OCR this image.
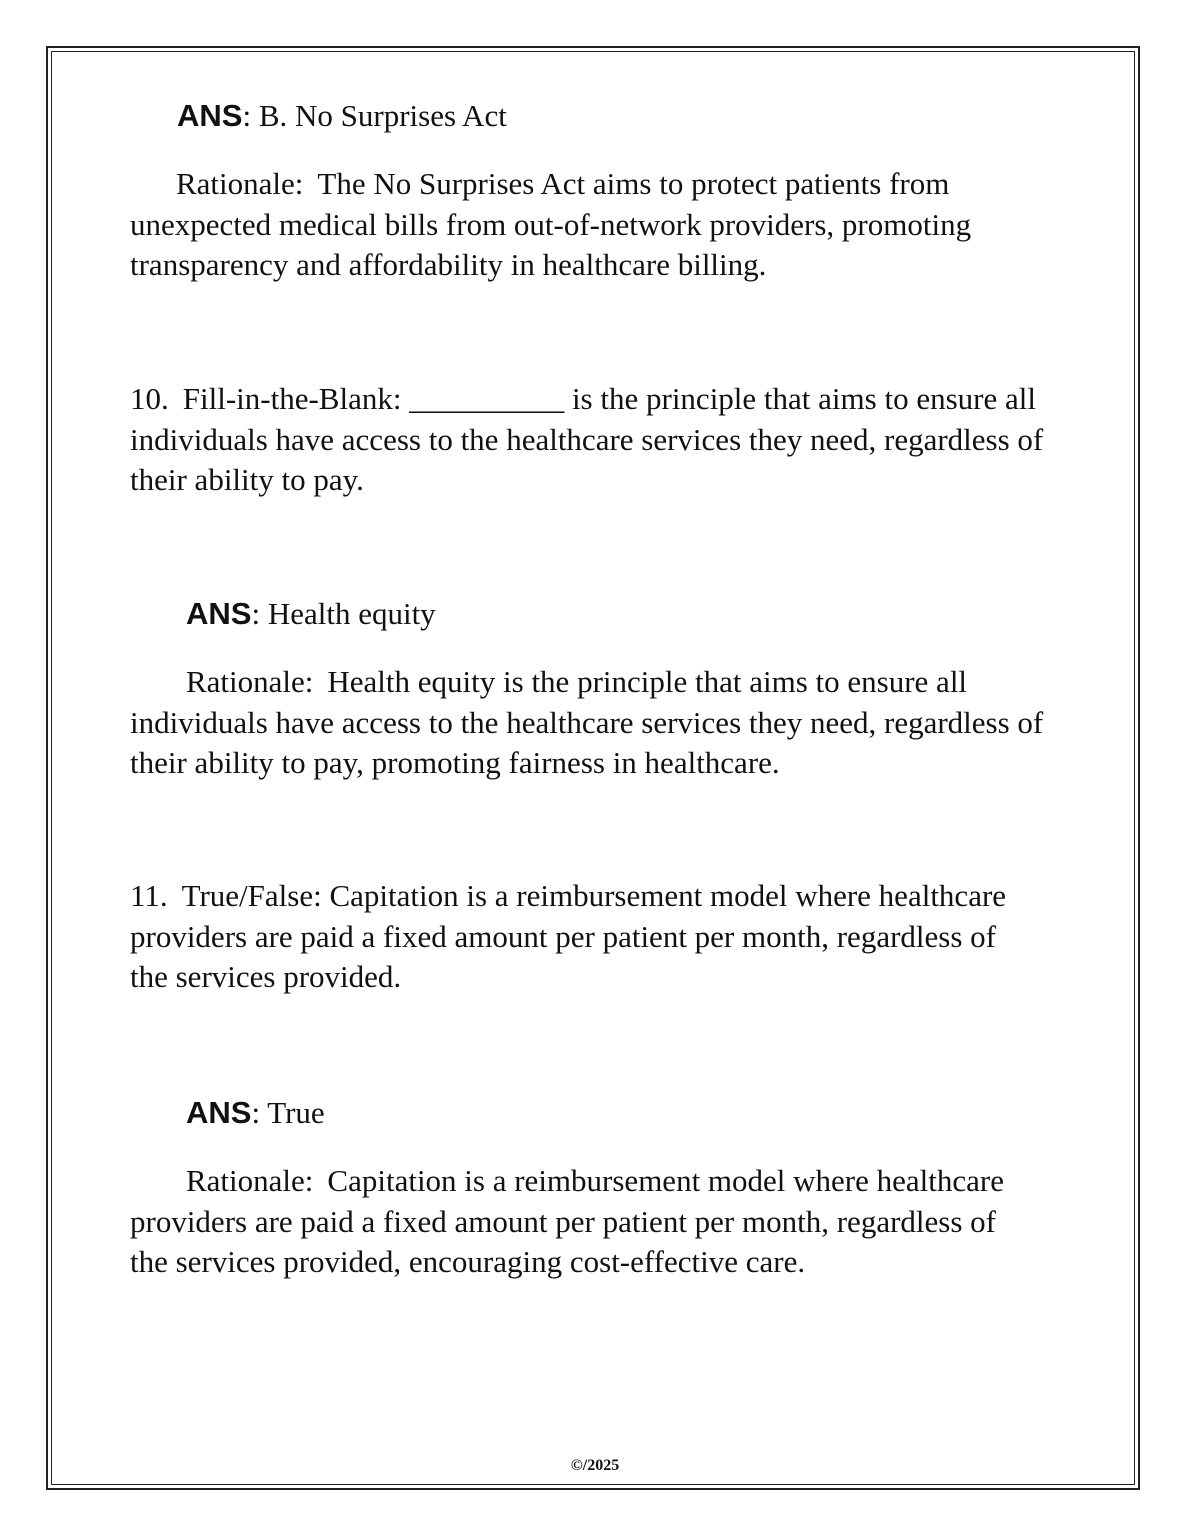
ANS: B. No Surprises Act

Rationale: The No Surprises Act aims to protect patients from unexpected medical bills from out-of-network providers, promoting transparency and affordability in healthcare billing.

10. Fill-in-the-Blank: __________ is the principle that aims to ensure all individuals have access to the healthcare services they need, regardless of their ability to pay.

ANS: Health equity

Rationale: Health equity is the principle that aims to ensure all individuals have access to the healthcare services they need, regardless of their ability to pay, promoting fairness in healthcare.

11. True/False: Capitation is a reimbursement model where healthcare providers are paid a fixed amount per patient per month, regardless of the services provided.

ANS: True

Rationale: Capitation is a reimbursement model where healthcare providers are paid a fixed amount per patient per month, regardless of the services provided, encouraging cost-effective care.

©/2025
